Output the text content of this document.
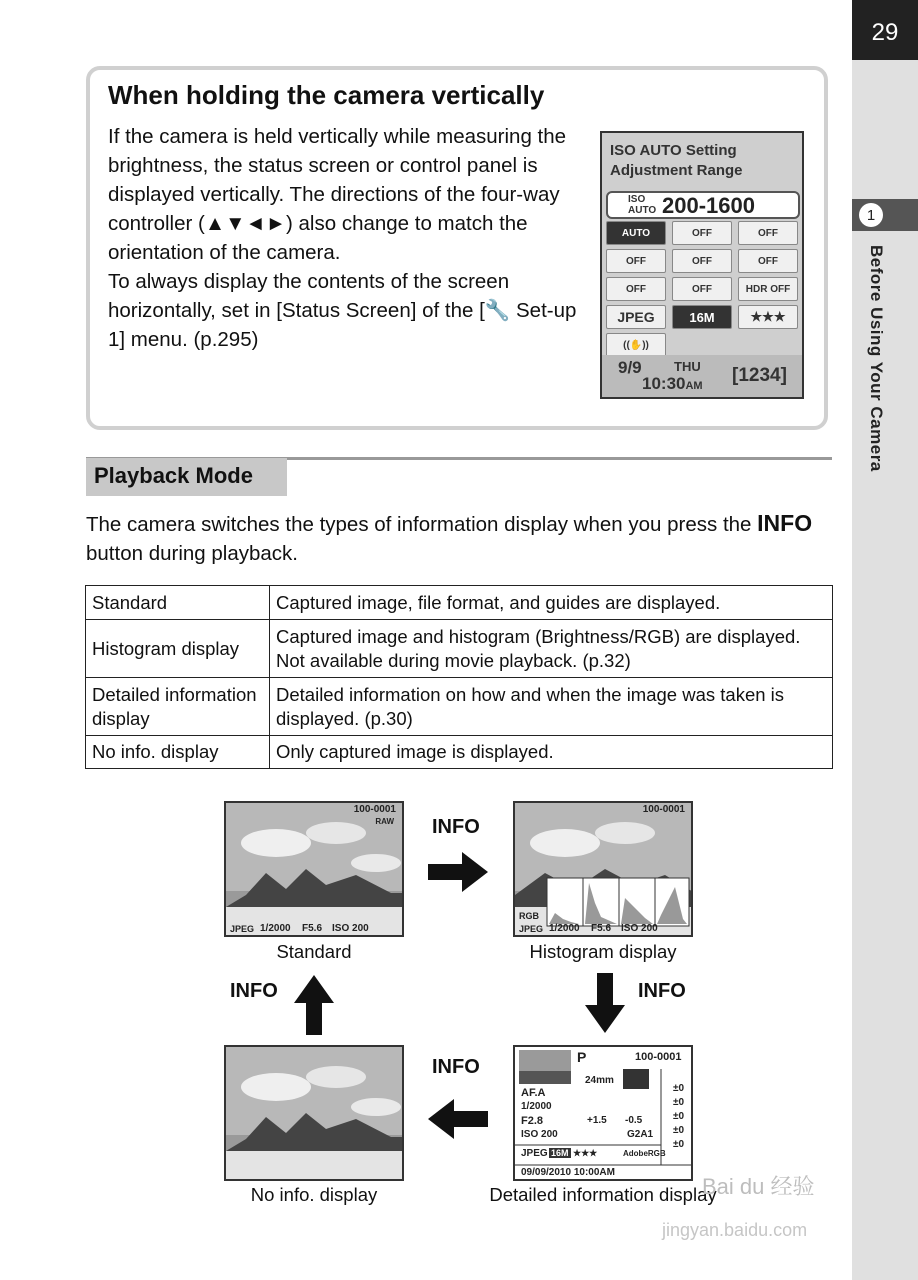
29
1
Before Using Your Camera
When holding the camera vertically
If the camera is held vertically while measuring the brightness, the status screen or control panel is displayed vertically. The directions of the four-way controller (▲▼◄►) also change to match the orientation of the camera.
To always display the contents of the screen horizontally, set in [Status Screen] of the [🔧 Set-up 1] menu. (p.295)
ISO AUTO Setting
Adjustment Range
ISO
AUTO 200-1600
AUTO	OFF	OFF
OFF	OFF	OFF
OFF	OFF	HDR OFF
JPEG	16M	★★★
((✋))
9/9 THU
10:30AM [1234]
Playback Mode
The camera switches the types of information display when you press the INFO button during playback.
Standard	Captured image, file format, and guides are displayed.
Histogram display	Captured image and histogram (Brightness/RGB) are displayed. Not available during movie playback. (p.32)
Detailed information display	Detailed information on how and when the image was taken is displayed. (p.30)
No info. display	Only captured image is displayed.
100-0001
RAW
JPEG 1/2000 F5.6 ISO 200
Standard
100-0001
RGB
JPEG 1/2000 F5.6 ISO 200
Histogram display
No info. display
P	100-0001
24mm
AF.A
1/2000
F2.8	+1.5 -0.5
ISO 200	G2A1
JPEG 16M ★★★	AdobeRGB
09/09/2010 10:00AM
±0
±0
±0
±0
±0
Detailed information display
INFO
INFO
INFO
INFO
Bai du 经验
jingyan.baidu.com
